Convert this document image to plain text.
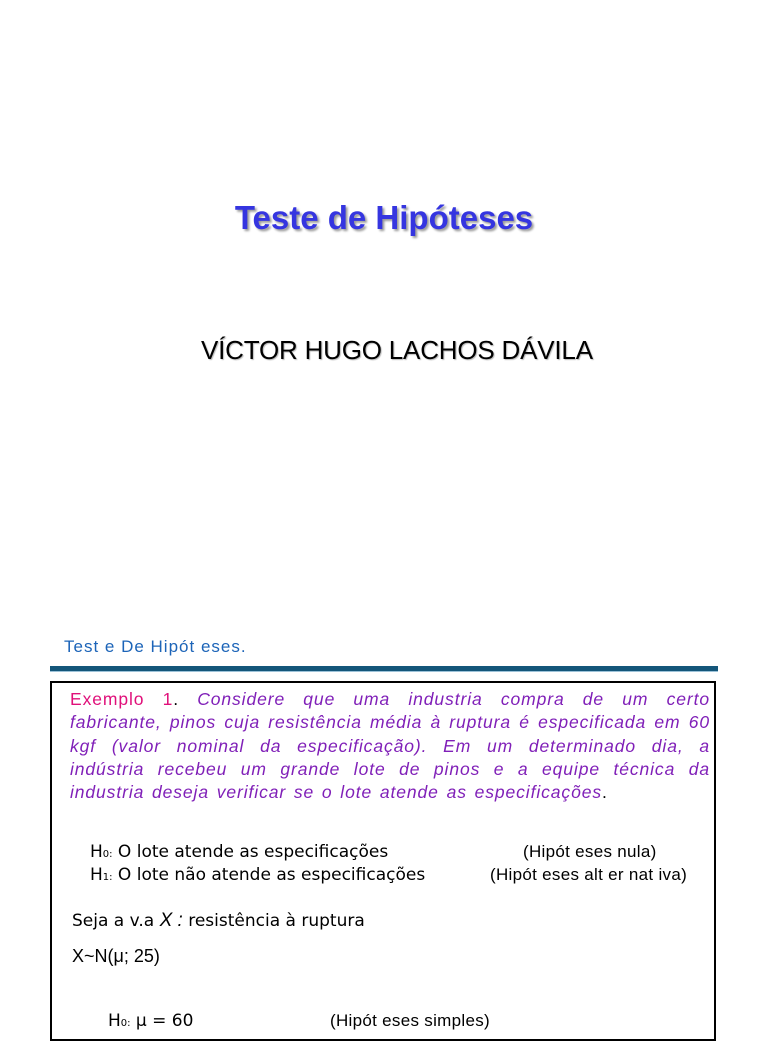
Teste de Hipóteses
VÍCTOR HUGO LACHOS DÁVILA
Test e De Hipót eses.
Exemplo 1. Considere que uma industria compra de um certo fabricante, pinos cuja resistência média à ruptura é especificada em 60 kgf (valor nominal da especificação). Em um determinado dia, a indústria recebeu um grande lote de pinos e a equipe técnica da industria deseja verificar se o lote atende as especificações.
H0: O lote atende as especificações	(Hipót eses nula)
H1: O lote não atende as especificações	(Hipót eses alt er nat iva)
Seja a v.a X : resistência à ruptura
X~N(μ; 25)
H0: μ = 60	(Hipót eses simples)
